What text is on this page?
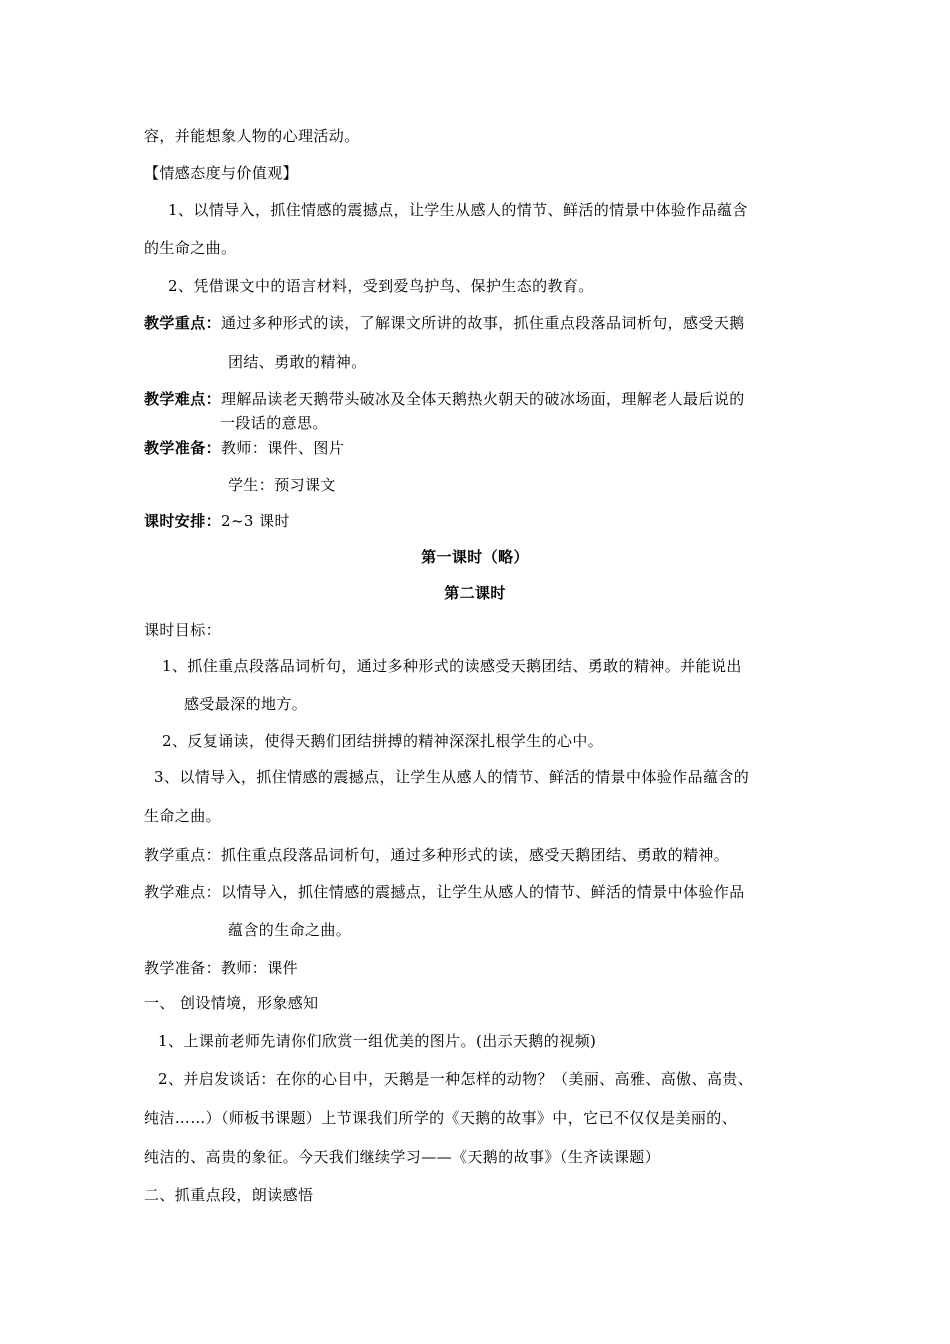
容，并能想象人物的心理活动。
【情感态度与价值观】
1、以情导入，抓住情感的震撼点，让学生从感人的情节、鲜活的情景中体验作品蕴含
的生命之曲。
2、凭借课文中的语言材料，受到爱鸟护鸟、保护生态的教育。
教学重点：通过多种形式的读，了解课文所讲的故事，抓住重点段落品词析句，感受天鹅
团结、勇敢的精神。
教学难点：理解品读老天鹅带头破冰及全体天鹅热火朝天的破冰场面，理解老人最后说的
一段话的意思。
教学准备：教师：课件、图片
学生：预习课文
课时安排：2~3 课时
第一课时（略）
第二课时
课时目标：
1、抓住重点段落品词析句，通过多种形式的读感受天鹅团结、勇敢的精神。并能说出
感受最深的地方。
2、反复诵读，使得天鹅们团结拼搏的精神深深扎根学生的心中。
3、以情导入，抓住情感的震撼点，让学生从感人的情节、鲜活的情景中体验作品蕴含的
生命之曲。
教学重点：抓住重点段落品词析句，通过多种形式的读，感受天鹅团结、勇敢的精神。
教学难点：以情导入，抓住情感的震撼点，让学生从感人的情节、鲜活的情景中体验作品
蕴含的生命之曲。
教学准备：教师：课件
一、 创设情境，形象感知
1、上课前老师先请你们欣赏一组优美的图片。(出示天鹅的视频)
2、并启发谈话：在你的心目中，天鹅是一种怎样的动物？（美丽、高雅、高傲、高贵、
纯洁……）（师板书课题）上节课我们所学的《天鹅的故事》中，它已不仅仅是美丽的、
纯洁的、高贵的象征。今天我们继续学习——《天鹅的故事》（生齐读课题）
二、抓重点段，朗读感悟
